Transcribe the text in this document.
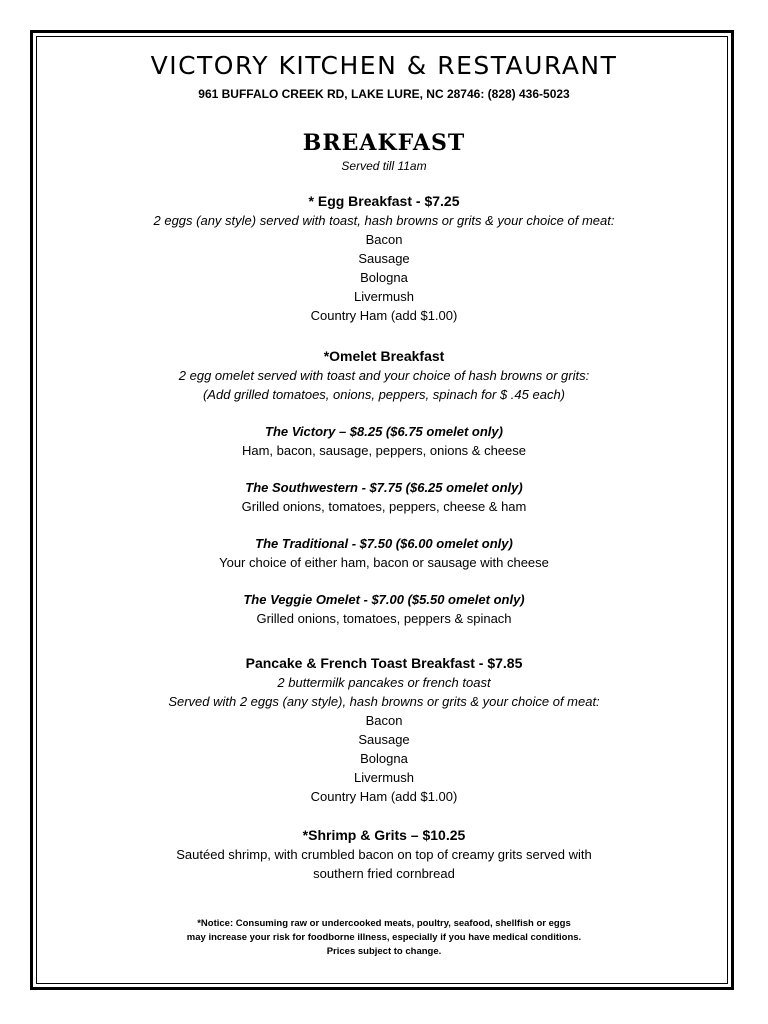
VICTORY KITCHEN & RESTAURANT
961 BUFFALO CREEK RD, LAKE LURE, NC 28746: (828) 436-5023
BREAKFAST
Served till 11am
* Egg Breakfast - $7.25
2 eggs (any style) served with toast, hash browns or grits & your choice of meat:
Bacon
Sausage
Bologna
Livermush
Country Ham (add $1.00)
*Omelet Breakfast
2 egg omelet served with toast and your choice of hash browns or grits:
(Add grilled tomatoes, onions, peppers, spinach for $ .45 each)
The Victory – $8.25 ($6.75 omelet only)
Ham, bacon, sausage, peppers, onions & cheese
The Southwestern - $7.75 ($6.25 omelet only)
Grilled onions, tomatoes, peppers, cheese & ham
The Traditional - $7.50 ($6.00 omelet only)
Your choice of either ham, bacon or sausage with cheese
The Veggie Omelet - $7.00 ($5.50 omelet only)
Grilled onions, tomatoes, peppers & spinach
Pancake & French Toast Breakfast - $7.85
2 buttermilk pancakes or french toast
Served with 2 eggs (any style), hash browns or grits & your choice of meat:
Bacon
Sausage
Bologna
Livermush
Country Ham (add $1.00)
*Shrimp & Grits – $10.25
Sautéed shrimp, with crumbled bacon on top of creamy grits served with
southern fried cornbread
*Notice: Consuming raw or undercooked meats, poultry, seafood, shellfish or eggs
may increase your risk for foodborne illness, especially if you have medical conditions.
Prices subject to change.
